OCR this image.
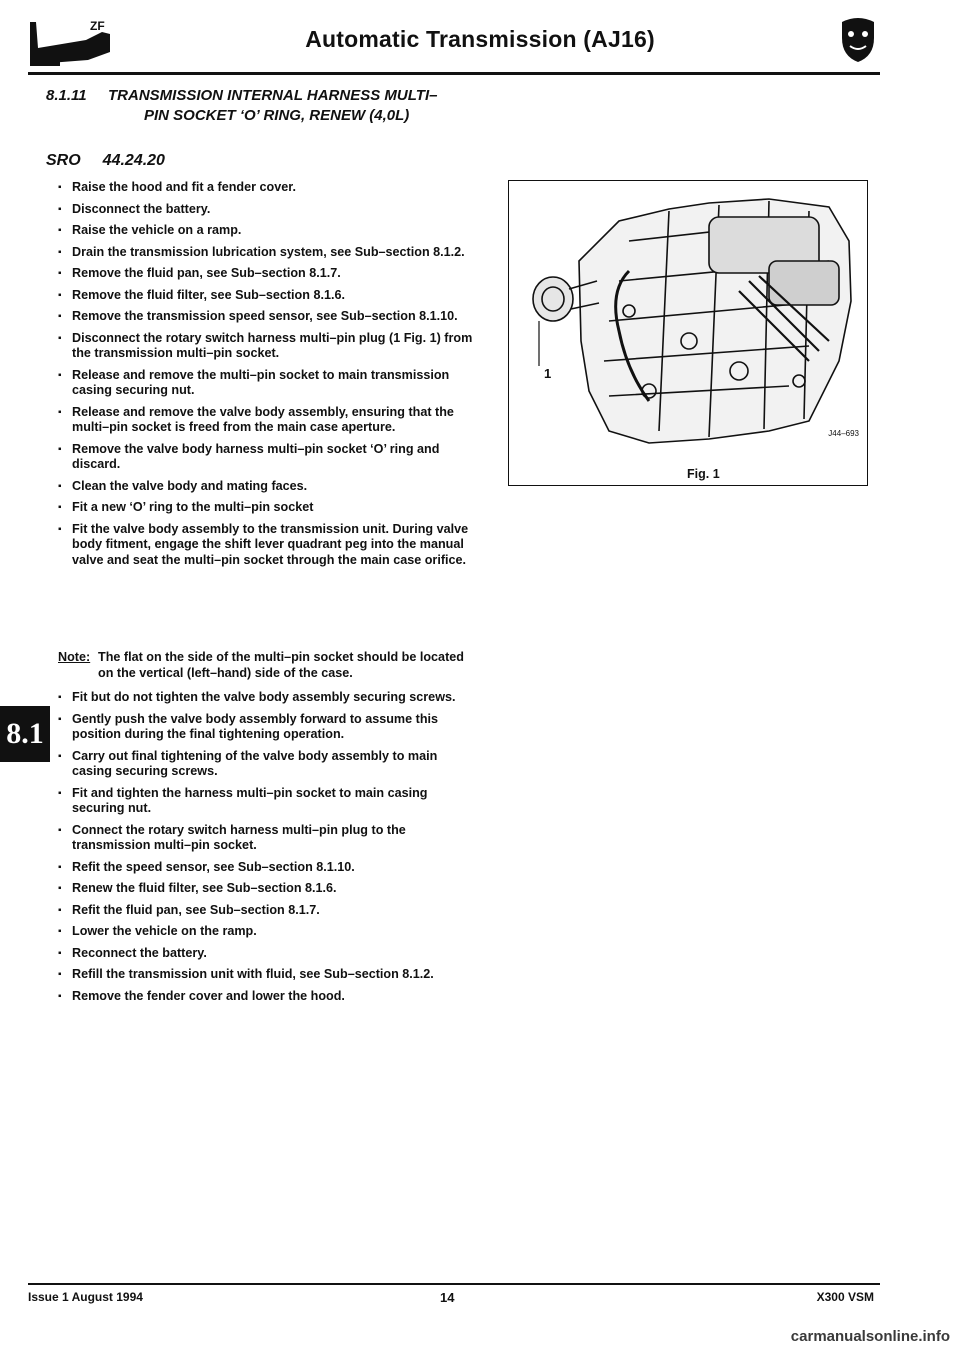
ZF	Automatic Transmission (AJ16)
8.1.11 TRANSMISSION INTERNAL HARNESS MULTI–
PIN SOCKET ‘O’ RING, RENEW (4,0L)
SRO 44.24.20
▪ Raise the hood and fit a fender cover.
▪ Disconnect the battery.
▪ Raise the vehicle on a ramp.
▪ Drain the transmission lubrication system, see Sub–section 8.1.2.
▪ Remove the fluid pan, see Sub–section 8.1.7.
▪ Remove the fluid filter, see Sub–section 8.1.6.
▪ Remove the transmission speed sensor, see Sub–section 8.1.10.
▪ Disconnect the rotary switch harness multi–pin plug (1 Fig. 1) from the transmission multi–pin socket.
▪ Release and remove the multi–pin socket to main transmission casing securing nut.
▪ Release and remove the valve body assembly, ensuring that the multi–pin socket is freed from the main case aperture.
▪ Remove the valve body harness multi–pin socket ‘O’ ring and discard.
▪ Clean the valve body and mating faces.
▪ Fit a new ‘O’ ring to the multi–pin socket
▪ Fit the valve body assembly to the transmission unit. During valve body fitment, engage the shift lever quadrant peg into the manual valve and seat the multi–pin socket through the main case orifice.
Note: The flat on the side of the multi–pin socket should be located on the vertical (left–hand) side of the case.
▪ Fit but do not tighten the valve body assembly securing screws.
▪ Gently push the valve body assembly forward to assume this position during the final tightening operation.
▪ Carry out final tightening of the valve body assembly to main casing securing screws.
▪ Fit and tighten the harness multi–pin socket to main casing securing nut.
▪ Connect the rotary switch harness multi–pin plug to the transmission multi–pin socket.
▪ Refit the speed sensor, see Sub–section 8.1.10.
▪ Renew the fluid filter, see Sub–section 8.1.6.
▪ Refit the fluid pan, see Sub–section 8.1.7.
▪ Lower the vehicle on the ramp.
▪ Reconnect the battery.
▪ Refill the transmission unit with fluid, see Sub–section 8.1.2.
▪ Remove the fender cover and lower the hood.
1
J44–693
Fig. 1
8.1
Issue 1 August 1994	14	X300 VSM
carmanualsonline.info
